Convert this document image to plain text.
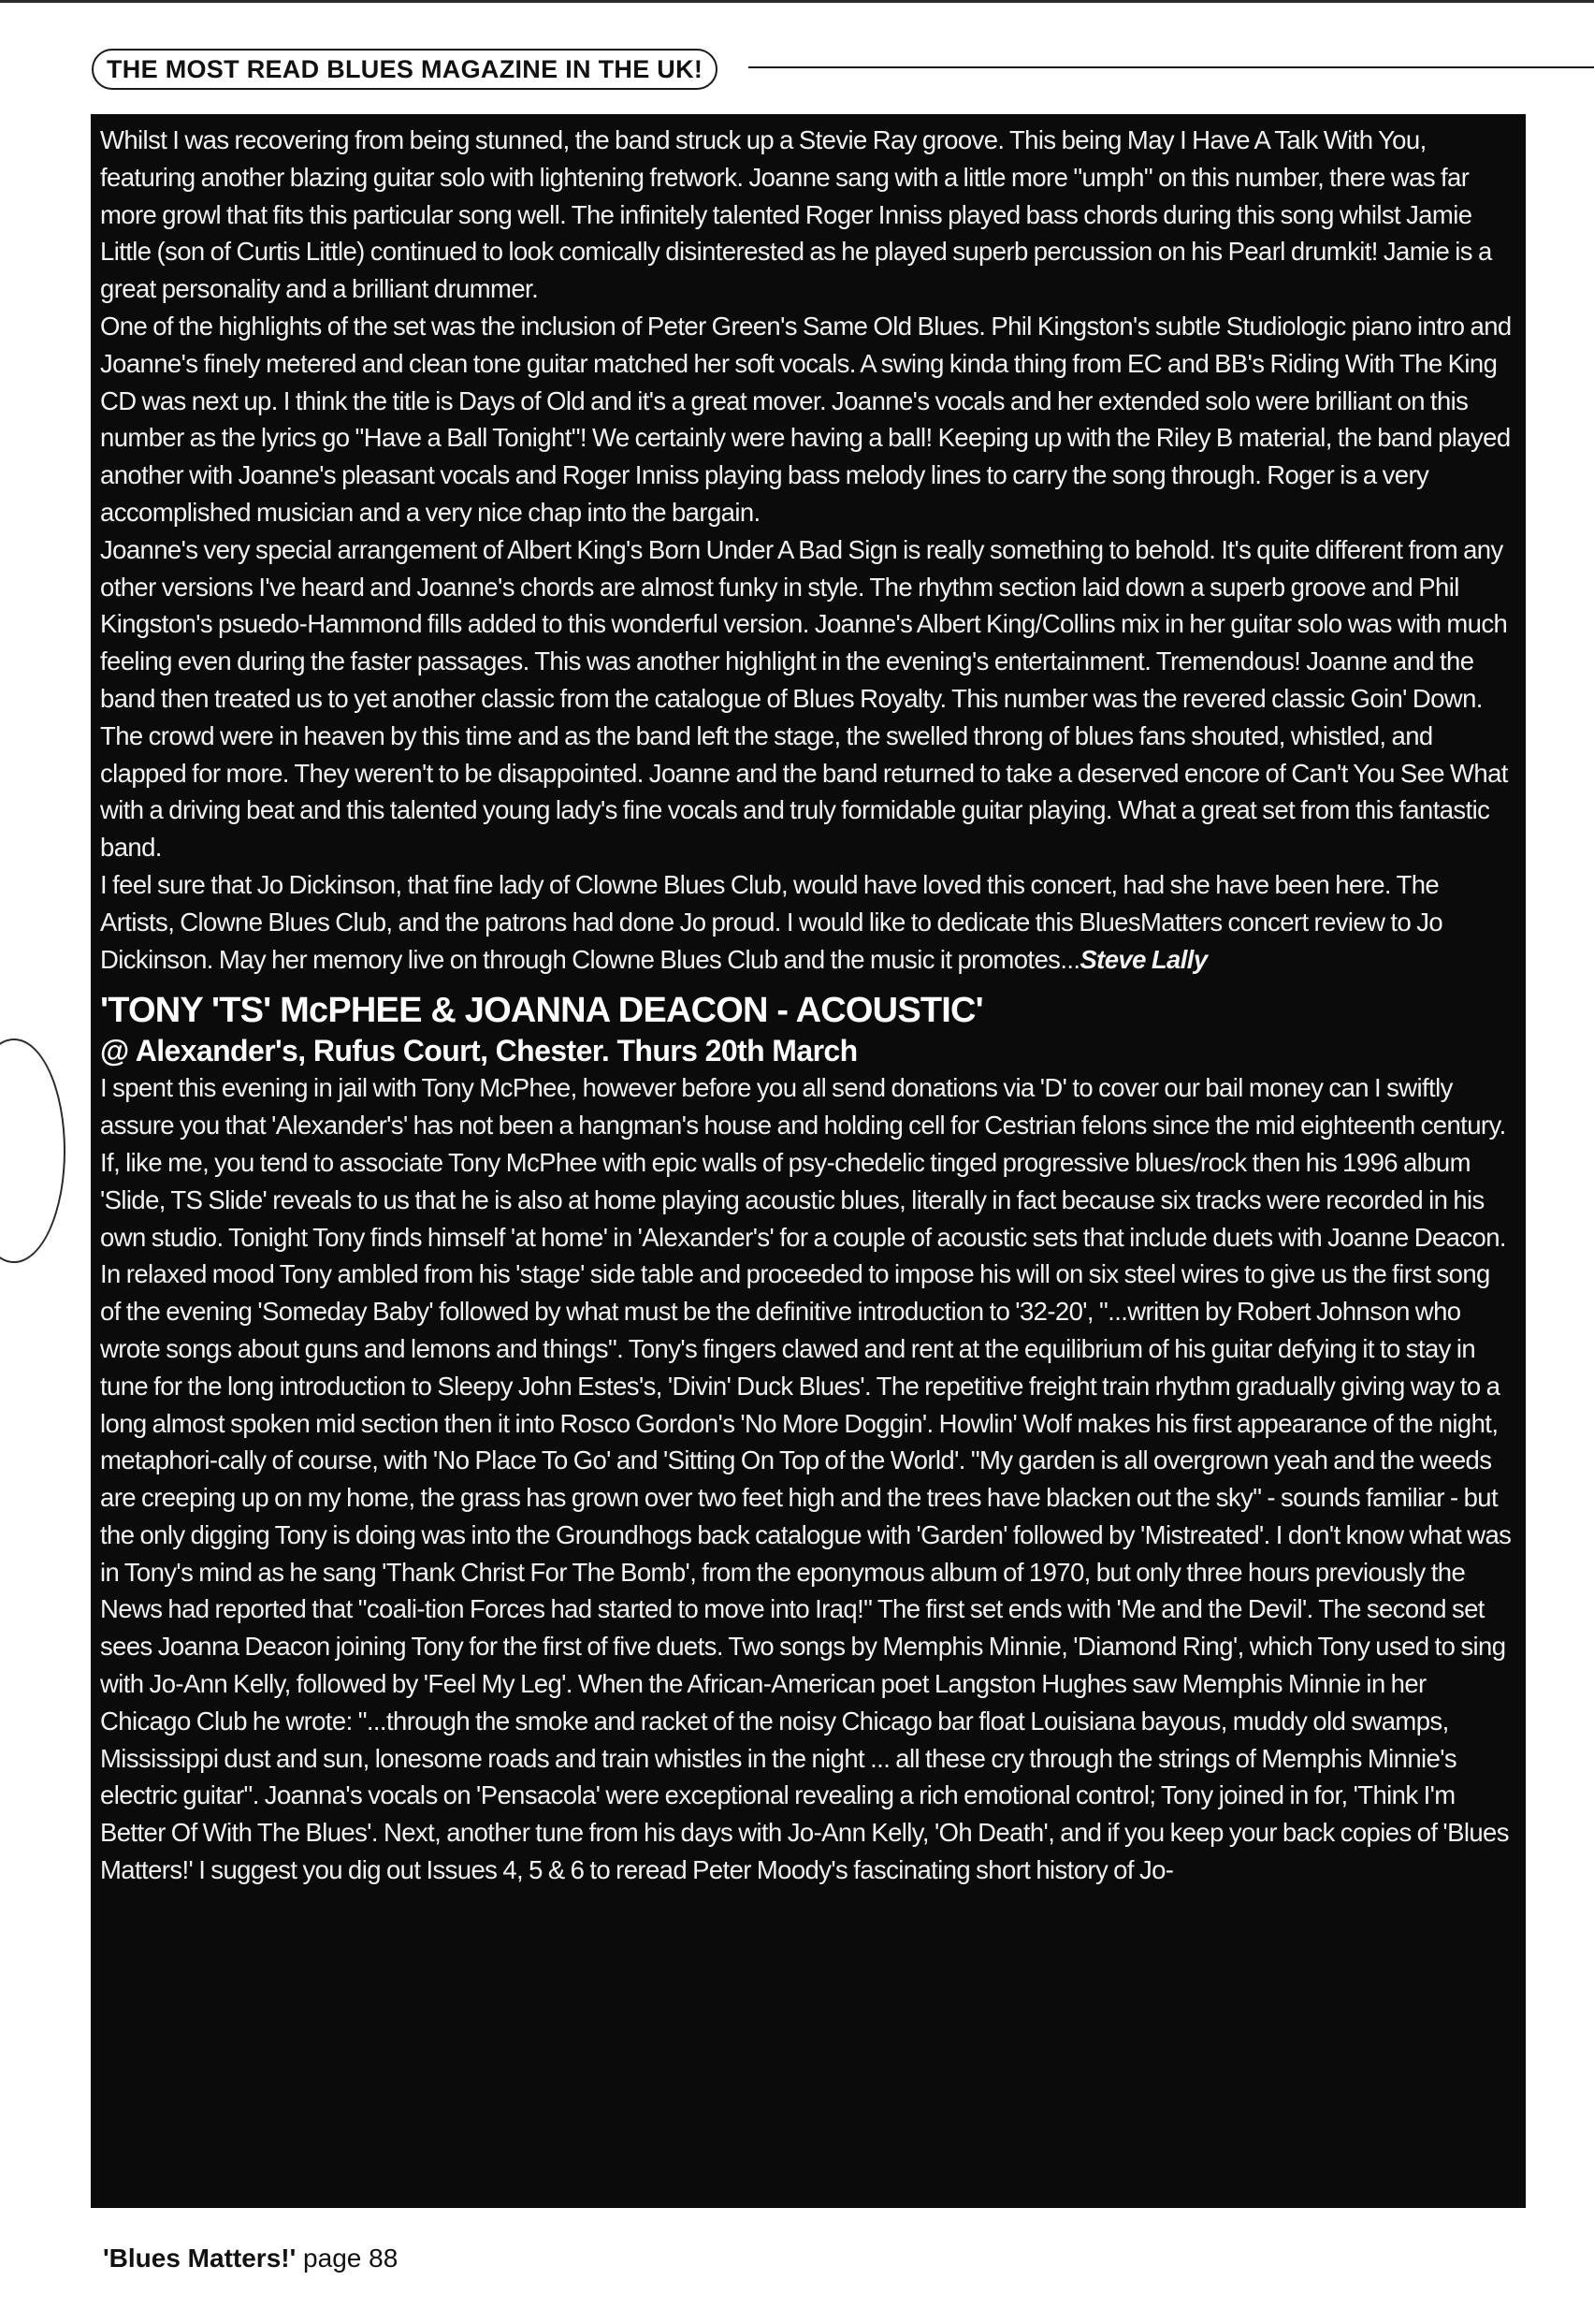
THE MOST READ BLUES MAGAZINE IN THE UK!

Whilst I was recovering from being stunned, the band struck up a Stevie Ray groove. This being May I Have A Talk With You, featuring another blazing guitar solo with lightening fretwork. Joanne sang with a little more "umph" on this number, there was far more growl that fits this particular song well. The infinitely talented Roger Inniss played bass chords during this song whilst Jamie Little (son of Curtis Little) continued to look comically disinterested as he played superb percussion on his Pearl drumkit! Jamie is a great personality and a brilliant drummer.

One of the highlights of the set was the inclusion of Peter Green's Same Old Blues. Phil Kingston's subtle Studiologic piano intro and Joanne's finely metered and clean tone guitar matched her soft vocals. A swing kinda thing from EC and BB's Riding With The King CD was next up. I think the title is Days of Old and it's a great mover. Joanne's vocals and her extended solo were brilliant on this number as the lyrics go "Have a Ball Tonight"! We certainly were having a ball! Keeping up with the Riley B material, the band played another with Joanne's pleasant vocals and Roger Inniss playing bass melody lines to carry the song through. Roger is a very accomplished musician and a very nice chap into the bargain.

Joanne's very special arrangement of Albert King's Born Under A Bad Sign is really something to behold. It's quite different from any other versions I've heard and Joanne's chords are almost funky in style. The rhythm section laid down a superb groove and Phil Kingston's psuedo-Hammond fills added to this wonderful version. Joanne's Albert King/Collins mix in her guitar solo was with much feeling even during the faster passages. This was another highlight in the evening's entertainment. Tremendous! Joanne and the band then treated us to yet another classic from the catalogue of Blues Royalty. This number was the revered classic Goin' Down. The crowd were in heaven by this time and as the band left the stage, the swelled throng of blues fans shouted, whistled, and clapped for more. They weren't to be disappointed. Joanne and the band returned to take a deserved encore of Can't You See What with a driving beat and this talented young lady's fine vocals and truly formidable guitar playing. What a great set from this fantastic band.

I feel sure that Jo Dickinson, that fine lady of Clowne Blues Club, would have loved this concert, had she have been here. The Artists, Clowne Blues Club, and the patrons had done Jo proud. I would like to dedicate this BluesMatters concert review to Jo Dickinson. May her memory live on through Clowne Blues Club and the music it promotes...Steve Lally

'TONY 'TS' McPHEE & JOANNA DEACON - ACOUSTIC'
@ Alexander's, Rufus Court, Chester. Thurs 20th March

I spent this evening in jail with Tony McPhee, however before you all send donations via 'D' to cover our bail money can I swiftly assure you that 'Alexander's' has not been a hangman's house and holding cell for Cestrian felons since the mid eighteenth century. If, like me, you tend to associate Tony McPhee with epic walls of psy-chedelic tinged progressive blues/rock then his 1996 album 'Slide, TS Slide' reveals to us that he is also at home playing acoustic blues, literally in fact because six tracks were recorded in his own studio. Tonight Tony finds himself 'at home' in 'Alexander's' for a couple of acoustic sets that include duets with Joanne Deacon. In relaxed mood Tony ambled from his 'stage' side table and proceeded to impose his will on six steel wires to give us the first song of the evening 'Someday Baby' followed by what must be the definitive introduction to '32-20', "...written by Robert Johnson who wrote songs about guns and lemons and things". Tony's fingers clawed and rent at the equilibrium of his guitar defying it to stay in tune for the long introduction to Sleepy John Estes's, 'Divin' Duck Blues'. The repetitive freight train rhythm gradually giving way to a long almost spoken mid section then it into Rosco Gordon's 'No More Doggin'. Howlin' Wolf makes his first appearance of the night, metaphori-cally of course, with 'No Place To Go' and 'Sitting On Top of the World'. "My garden is all overgrown yeah and the weeds are creeping up on my home, the grass has grown over two feet high and the trees have blacken out the sky" - sounds familiar - but the only digging Tony is doing was into the Groundhogs back catalogue with 'Garden' followed by 'Mistreated'. I don't know what was in Tony's mind as he sang 'Thank Christ For The Bomb', from the eponymous album of 1970, but only three hours previously the News had reported that "coali-tion Forces had started to move into Iraq!" The first set ends with 'Me and the Devil'. The second set sees Joanna Deacon joining Tony for the first of five duets. Two songs by Memphis Minnie, 'Diamond Ring', which Tony used to sing with Jo-Ann Kelly, followed by 'Feel My Leg'. When the African-American poet Langston Hughes saw Memphis Minnie in her Chicago Club he wrote: "...through the smoke and racket of the noisy Chicago bar float Louisiana bayous, muddy old swamps, Mississippi dust and sun, lonesome roads and train whistles in the night ... all these cry through the strings of Memphis Minnie's electric guitar". Joanna's vocals on 'Pensacola' were exceptional revealing a rich emotional control; Tony joined in for, 'Think I'm Better Of With The Blues'. Next, another tune from his days with Jo-Ann Kelly, 'Oh Death', and if you keep your back copies of 'Blues Matters!' I suggest you dig out Issues 4, 5 & 6 to reread Peter Moody's fascinating short history of Jo-

'Blues Matters!' page 88
